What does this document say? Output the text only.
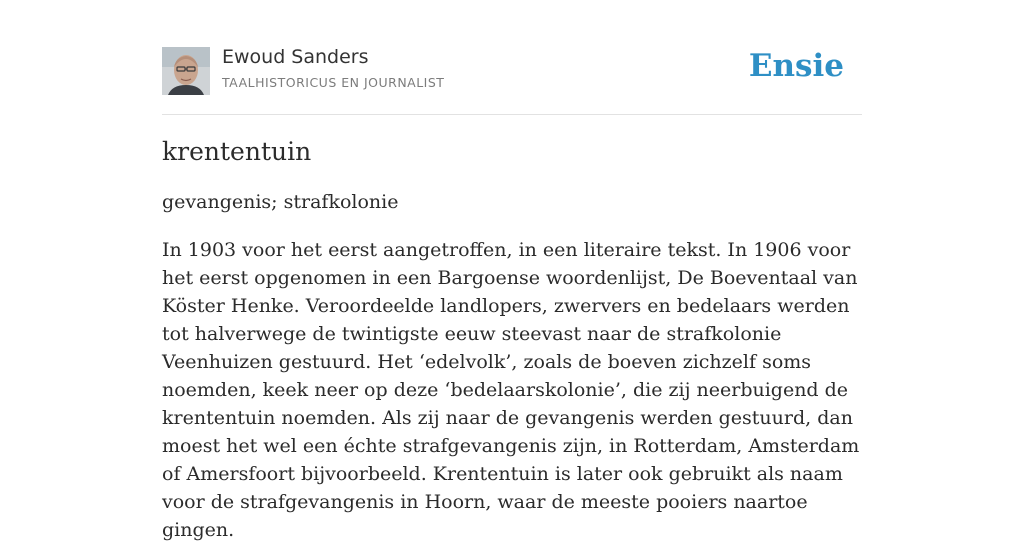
Ewoud Sanders
TAALHISTORICUS EN JOURNALIST	Ensie
krententuin
gevangenis; strafkolonie

In 1903 voor het eerst aangetroffen, in een literaire tekst. In 1906 voor het eerst opgenomen in een Bargoense woordenlijst, De Boeventaal van Köster Henke. Veroordeelde landlopers, zwervers en bedelaars werden tot halverwege de twintigste eeuw steevast naar de strafkolonie Veenhuizen gestuurd. Het ‘edelvolk’, zoals de boeven zichzelf soms noemden, keek neer op deze ‘bedelaarskolonie’, die zij neerbuigend de krententuin noemden. Als zij naar de gevangenis werden gestuurd, dan moest het wel een échte strafgevangenis zijn, in Rotterdam, Amsterdam of Amersfoort bijvoorbeeld. Krententuin is later ook gebruikt als naam voor de strafgevangenis in Hoorn, waar de meeste pooiers naartoe gingen.
